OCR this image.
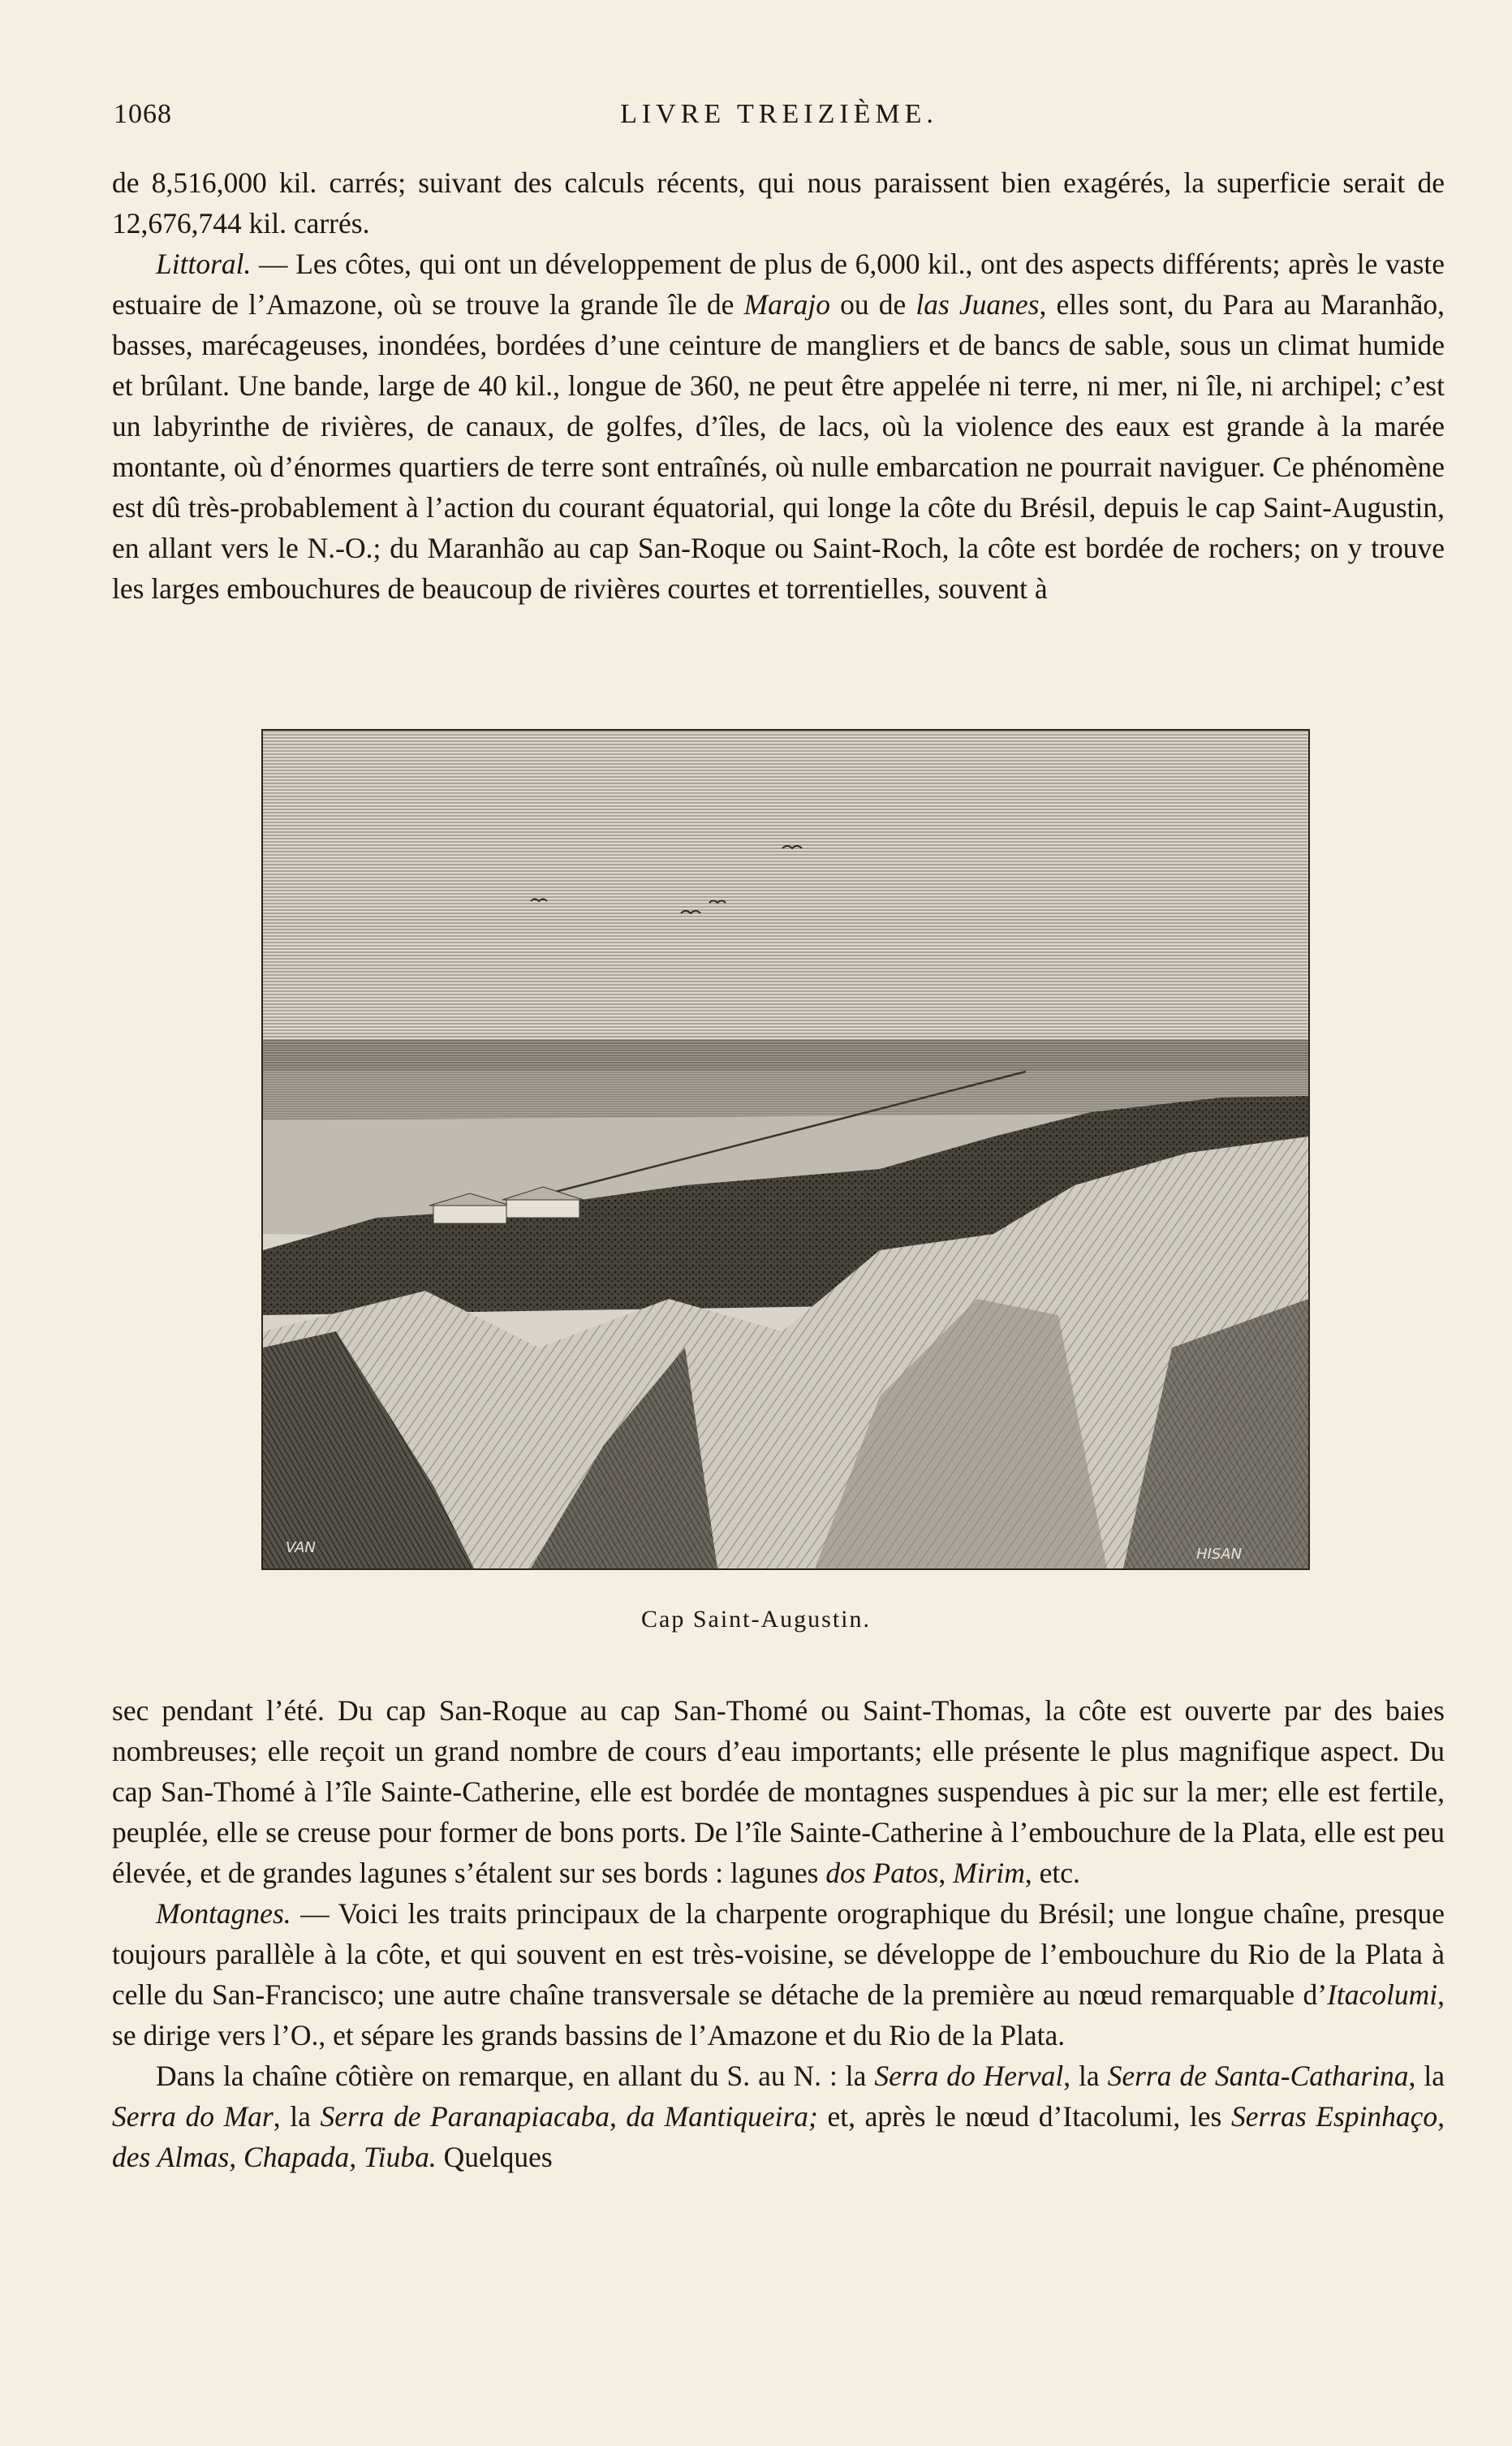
1068	LIVRE TREIZIÈME.

de 8,516,000 kil. carrés; suivant des calculs récents, qui nous paraissent bien exagérés, la superficie serait de 12,676,744 kil. carrés.

Littoral. — Les côtes, qui ont un développement de plus de 6,000 kil., ont des aspects différents; après le vaste estuaire de l’Amazone, où se trouve la grande île de Marajo ou de las Juanes, elles sont, du Para au Maranhão, basses, marécageuses, inondées, bordées d’une ceinture de mangliers et de bancs de sable, sous un climat humide et brûlant. Une bande, large de 40 kil., longue de 360, ne peut être appelée ni terre, ni mer, ni île, ni archipel; c’est un labyrinthe de rivières, de canaux, de golfes, d’îles, de lacs, où la violence des eaux est grande à la marée montante, où d’énormes quartiers de terre sont entraînés, où nulle embarcation ne pourrait naviguer. Ce phénomène est dû très-probablement à l’action du courant équatorial, qui longe la côte du Brésil, depuis le cap Saint-Augustin, en allant vers le N.-O.; du Maranhão au cap San-Roque ou Saint-Roch, la côte est bordée de rochers; on y trouve les larges embouchures de beaucoup de rivières courtes et torrentielles, souvent à

VAN	HISAN
Cap Saint-Augustin.

sec pendant l’été. Du cap San-Roque au cap San-Thomé ou Saint-Thomas, la côte est ouverte par des baies nombreuses; elle reçoit un grand nombre de cours d’eau importants; elle présente le plus magnifique aspect. Du cap San-Thomé à l’île Sainte-Catherine, elle est bordée de montagnes suspendues à pic sur la mer; elle est fertile, peuplée, elle se creuse pour former de bons ports. De l’île Sainte-Catherine à l’embouchure de la Plata, elle est peu élevée, et de grandes lagunes s’étalent sur ses bords : lagunes dos Patos, Mirim, etc.

Montagnes. — Voici les traits principaux de la charpente orographique du Brésil; une longue chaîne, presque toujours parallèle à la côte, et qui souvent en est très-voisine, se développe de l’embouchure du Rio de la Plata à celle du San-Francisco; une autre chaîne transversale se détache de la première au nœud remarquable d’Itacolumi, se dirige vers l’O., et sépare les grands bassins de l’Amazone et du Rio de la Plata.

Dans la chaîne côtière on remarque, en allant du S. au N. : la Serra do Herval, la Serra de Santa-Catharina, la Serra do Mar, la Serra de Paranapiacaba, da Mantiqueira; et, après le nœud d’Itacolumi, les Serras Espinhaço, des Almas, Chapada, Tiuba. Quelques
